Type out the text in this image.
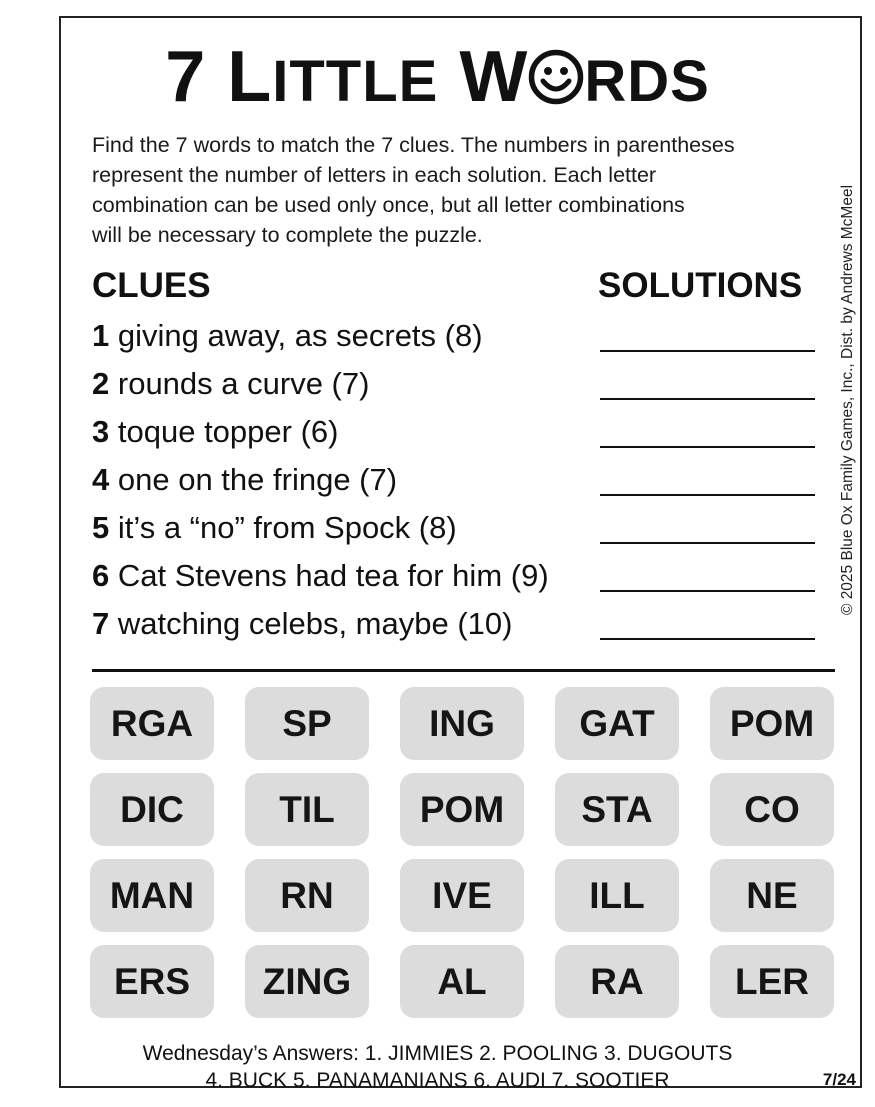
7 LITTLE W RDS
Find the 7 words to match the 7 clues. The numbers in parentheses
represent the number of letters in each solution. Each letter
combination can be used only once, but all letter combinations
will be necessary to complete the puzzle.
CLUES	SOLUTIONS
1 giving away, as secrets (8)
2 rounds a curve (7)
3 toque topper (6)
4 one on the fringe (7)
5 it’s a “no” from Spock (8)
6 Cat Stevens had tea for him (9)
7 watching celebs, maybe (10)
© 2025 Blue Ox Family Games, Inc., Dist. by Andrews McMeel
RGA	SP	ING	GAT	POM
DIC	TIL	POM	STA	CO
MAN	RN	IVE	ILL	NE
ERS	ZING	AL	RA	LER
Wednesday’s Answers: 1. JIMMIES 2. POOLING 3. DUGOUTS
4. BUCK 5. PANAMANIANS 6. AUDI 7. SOOTIER	7/24
